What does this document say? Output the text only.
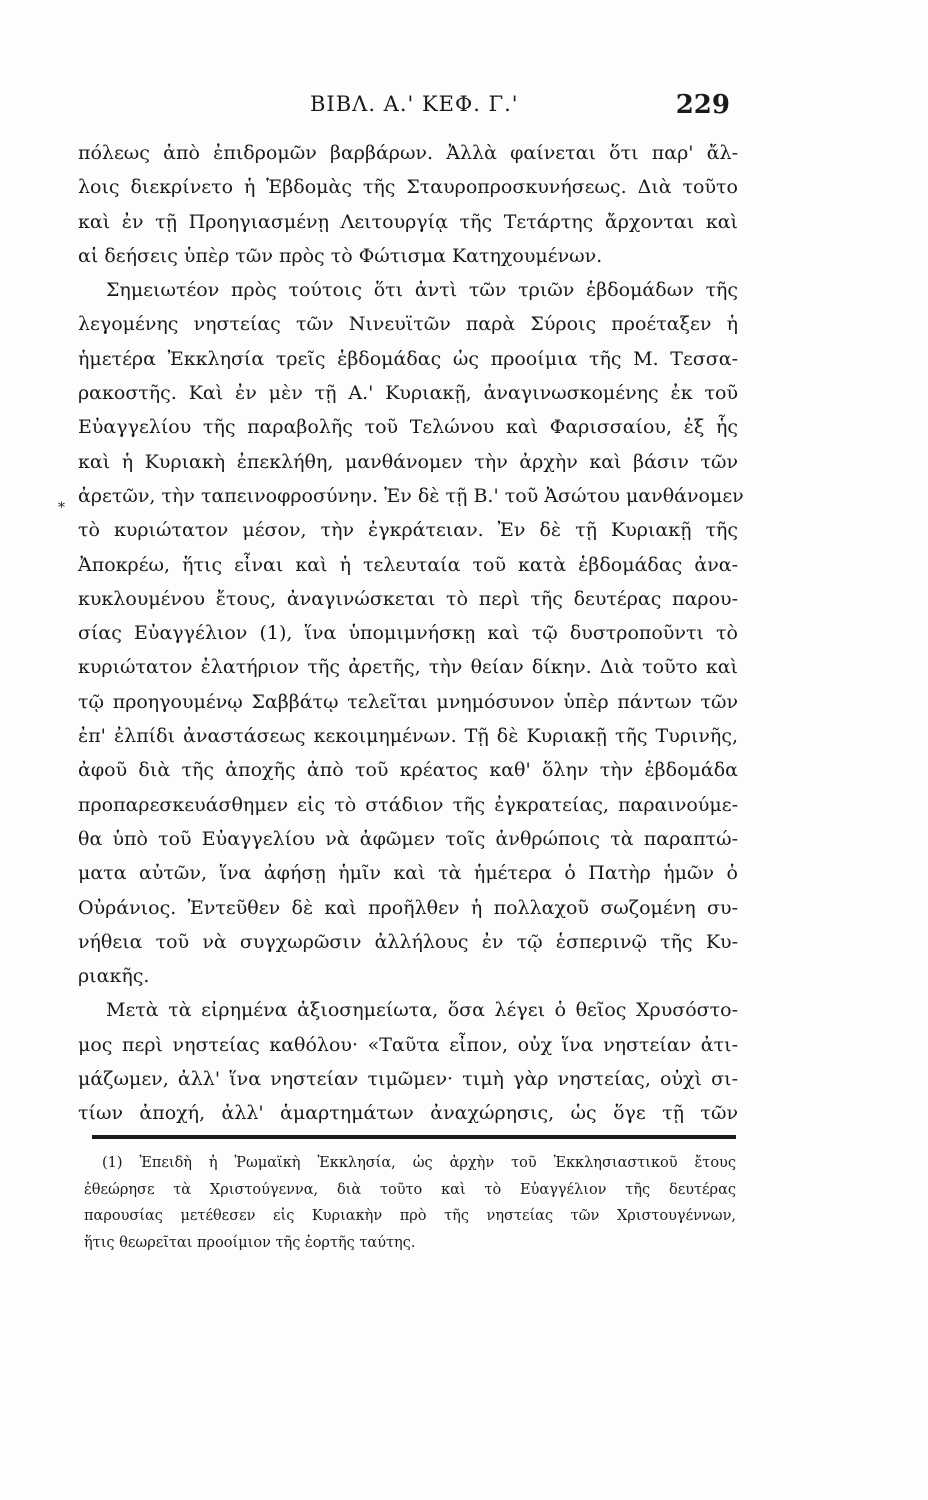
ΒΙΒΛ. Α.' ΚΕΦ. Γ.'	229
*
πόλεως ἀπὸ ἐπιδρομῶν βαρβάρων. Ἀλλὰ φαίνεται ὅτι παρ' ἄλ-
λοις διεκρίνετο ἡ Ἑβδομὰς τῆς Σταυροπροσκυνήσεως. Διὰ τοῦτο
καὶ ἐν τῇ Προηγιασμένῃ Λειτουργίᾳ τῆς Τετάρτης ἄρχονται καὶ
αἱ δεήσεις ὑπὲρ τῶν πρὸς τὸ Φώτισμα Κατηχουμένων.
Σημειωτέον πρὸς τούτοις ὅτι ἀντὶ τῶν τριῶν ἑβδομάδων τῆς
λεγομένης νηστείας τῶν Νινευϊτῶν παρὰ Σύροις προέταξεν ἡ
ἡμετέρα Ἐκκλησία τρεῖς ἑβδομάδας ὡς προοίμια τῆς Μ. Τεσσα-
ρακοστῆς. Καὶ ἐν μὲν τῇ Α.' Κυριακῇ, ἀναγινωσκομένης ἐκ τοῦ
Εὐαγγελίου τῆς παραβολῆς τοῦ Τελώνου καὶ Φαρισσαίου, ἐξ ἧς
καὶ ἡ Κυριακὴ ἐπεκλήθη, μανθάνομεν τὴν ἀρχὴν καὶ βάσιν τῶν
ἀρετῶν, τὴν ταπεινοφροσύνην. Ἐν δὲ τῇ Β.' τοῦ Ἀσώτου μανθάνομεν
τὸ κυριώτατον μέσον, τὴν ἐγκράτειαν. Ἐν δὲ τῇ Κυριακῇ τῆς
Ἀποκρέω, ἥτις εἶναι καὶ ἡ τελευταία τοῦ κατὰ ἑβδομάδας ἀνα-
κυκλουμένου ἔτους, ἀναγινώσκεται τὸ περὶ τῆς δευτέρας παρου-
σίας Εὐαγγέλιον (1), ἵνα ὑπομιμνήσκῃ καὶ τῷ δυστροποῦντι τὸ
κυριώτατον ἐλατήριον τῆς ἀρετῆς, τὴν θείαν δίκην. Διὰ τοῦτο καὶ
τῷ προηγουμένῳ Σαββάτῳ τελεῖται μνημόσυνον ὑπὲρ πάντων τῶν
ἐπ' ἐλπίδι ἀναστάσεως κεκοιμημένων. Τῇ δὲ Κυριακῇ τῆς Τυρινῆς,
ἀφοῦ διὰ τῆς ἀποχῆς ἀπὸ τοῦ κρέατος καθ' ὅλην τὴν ἑβδομάδα
προπαρεσκευάσθημεν εἰς τὸ στάδιον τῆς ἐγκρατείας, παραινούμε-
θα ὑπὸ τοῦ Εὐαγγελίου νὰ ἀφῶμεν τοῖς ἀνθρώποις τὰ παραπτώ-
ματα αὐτῶν, ἵνα ἀφήσῃ ἡμῖν καὶ τὰ ἡμέτερα ὁ Πατὴρ ἡμῶν ὁ
Οὐράνιος. Ἐντεῦθεν δὲ καὶ προῆλθεν ἡ πολλαχοῦ σωζομένη συ-
νήθεια τοῦ νὰ συγχωρῶσιν ἀλλήλους ἐν τῷ ἑσπερινῷ τῆς Κυ-
ριακῆς.
Μετὰ τὰ εἰρημένα ἀξιοσημείωτα, ὅσα λέγει ὁ θεῖος Χρυσόστο-
μος περὶ νηστείας καθόλου· «Ταῦτα εἶπον, οὐχ ἵνα νηστείαν ἀτι-
μάζωμεν, ἀλλ' ἵνα νηστείαν τιμῶμεν· τιμὴ γὰρ νηστείας, οὐχὶ σι-
τίων ἀποχή, ἀλλ' ἁμαρτημάτων ἀναχώρησις, ὡς ὅγε τῇ τῶν
(1) Ἐπειδὴ ἡ Ῥωμαϊκὴ Ἐκκλησία, ὡς ἀρχὴν τοῦ Ἐκκλησιαστικοῦ ἔτους
ἐθεώρησε τὰ Χριστούγεννα, διὰ τοῦτο καὶ τὸ Εὐαγγέλιον τῆς δευτέρας
παρουσίας μετέθεσεν εἰς Κυριακὴν πρὸ τῆς νηστείας τῶν Χριστουγέννων,
ἥτις θεωρεῖται προοίμιον τῆς ἑορτῆς ταύτης.
